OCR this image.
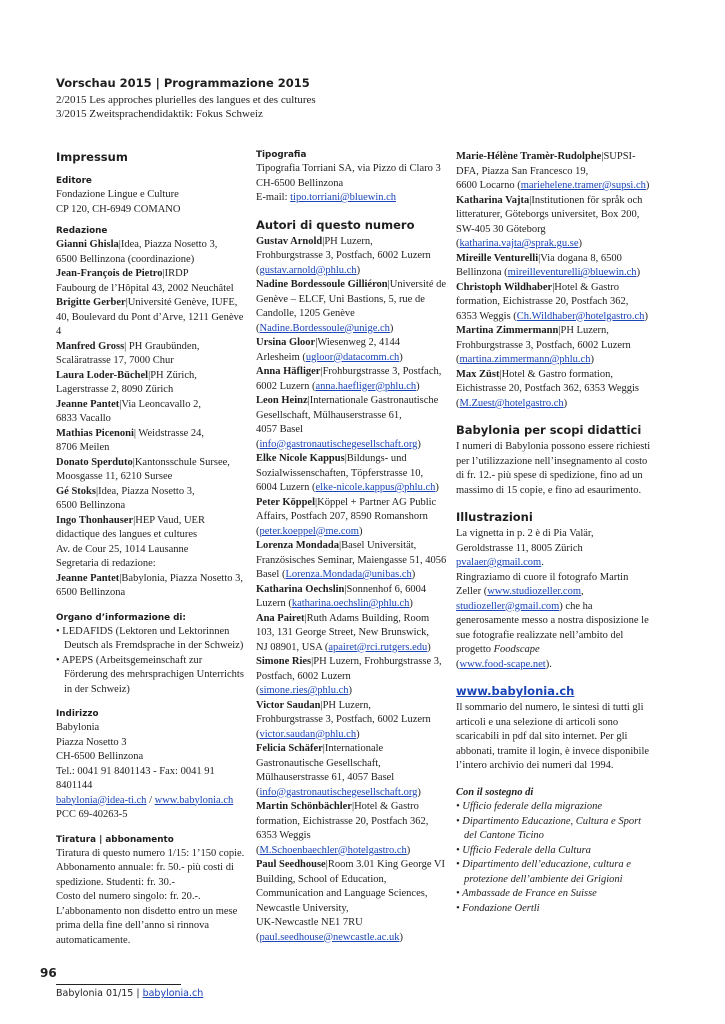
Vorschau 2015 | Programmazione 2015
2/2015 Les approches plurielles des langues et des cultures
3/2015 Zweitsprachendidaktik: Fokus Schweiz
Impressum
Editore
Fondazione Lingue e Culture
CP 120, CH-6949 COMANO
Redazione
Gianni Ghisla|Idea, Piazza Nosetto 3,
6500 Bellinzona (coordinazione)
Jean-François de Pietro|IRDP
Faubourg de l’Hôpital 43, 2002 Neuchâtel
Brigitte Gerber|Université Genève, IUFE,
40, Boulevard du Pont d’Arve, 1211 Genève 4
Manfred Gross| PH Graubünden,
Scaläratrasse 17, 7000 Chur
Laura Loder-Büchel|PH Zürich,
Lagerstrasse 2, 8090 Zürich
Jeanne Pantet|Via Leoncavallo 2,
6833 Vacallo
Mathias Picenoni| Weidstrasse 24,
8706 Meilen
Donato Sperduto|Kantonsschule Sursee,
Moosgasse 11, 6210 Sursee
Gé Stoks|Idea, Piazza Nosetto 3,
6500 Bellinzona
Ingo Thonhauser|HEP Vaud, UER
didactique des langues et cultures
Av. de Cour 25, 1014 Lausanne
Segretaria di redazione:
Jeanne Pantet|Babylonia, Piazza Nosetto 3,
6500 Bellinzona
Organo d’informazione di:
• LEDAFIDS (Lektoren und Lektorinnen Deutsch als Fremdsprache in der Schweiz)
• APEPS (Arbeitsgemeinschaft zur Förderung des mehrsprachigen Unterrichts in der Schweiz)
Indirizzo
Babylonia
Piazza Nosetto 3
CH-6500 Bellinzona
Tel.: 0041 91 8401143 - Fax: 0041 91 8401144
babylonia@idea-ti.ch / www.babylonia.ch
PCC 69-40263-5
Tiratura | abbonamento
Tiratura di questo numero 1/15: 1’150 copie.
Abbonamento annuale: fr. 50.- più costi di spedizione. Studenti: fr. 30.-
Costo del numero singolo: fr. 20.-.
L’abbonamento non disdetto entro un mese prima della fine dell’anno si rinnova automaticamente.
Tipografia
Tipografia Torriani SA, via Pizzo di Claro 3
CH-6500 Bellinzona
E-mail: tipo.torriani@bluewin.ch
Autori di questo numero
Gustav Arnold|PH Luzern,
Frohburgstrasse 3, Postfach, 6002 Luzern
(gustav.arnold@phlu.ch)
Nadine Bordessoule Gilliéron|Université de Genève – ELCF, Uni Bastions, 5, rue de Candolle, 1205 Genève
(Nadine.Bordessoule@unige.ch)
Ursina Gloor|Wiesenweg 2, 4144
Arlesheim (ugloor@datacomm.ch)
Anna Häfliger|Frohburgstrasse 3, Postfach,
6002 Luzern (anna.haefliger@phlu.ch)
Leon Heinz|Internationale Gastronautische Gesellschaft, Mülhauserstrasse 61,
4057 Basel (info@gastronautischegesellschaft.org)
Elke Nicole Kappus|Bildungs- und Sozialwissenschaften, Töpferstrasse 10,
6004 Luzern (elke-nicole.kappus@phlu.ch)
Peter Köppel|Köppel + Partner AG Public Affairs, Postfach 207, 8590 Romanshorn
(peter.koeppel@me.com)
Lorenza Mondada|Basel Universität, Französisches Seminar, Maiengasse 51, 4056 Basel (Lorenza.Mondada@unibas.ch)
Katharina Oechslin|Sonnenhof 6, 6004
Luzern (katharina.oechslin@phlu.ch)
Ana Pairet|Ruth Adams Building, Room 103, 131 George Street, New Brunswick,
NJ 08901, USA (apairet@rci.rutgers.edu)
Simone Ries|PH Luzern, Frohburgstrasse 3, Postfach, 6002 Luzern
(simone.ries@phlu.ch)
Victor Saudan|PH Luzern,
Frohburgstrasse 3, Postfach, 6002 Luzern
(victor.saudan@phlu.ch)
Felicia Schäfer|Internationale Gastronautische Gesellschaft,
Mülhauserstrasse 61, 4057 Basel
(info@gastronautischegesellschaft.org)
Martin Schönbächler|Hotel & Gastro formation, Eichistrasse 20, Postfach 362,
6353 Weggis (M.Schoenbaechler@hotelgastro.ch)
Paul Seedhouse|Room 3.01 King George VI Building, School of Education, Communication and Language Sciences, Newcastle University,
UK-Newcastle NE1 7RU
(paul.seedhouse@newcastle.ac.uk)
Marie-Hélène Tramèr-Rudolphe|SUPSI-DFA, Piazza San Francesco 19,
6600 Locarno (mariehelene.tramer@supsi.ch)
Katharina Vajta|Institutionen för språk och litteraturer, Göteborgs universitet, Box 200, SW-405 30 Göteborg
(katharina.vajta@sprak.gu.se)
Mireille Venturelli|Via dogana 8, 6500
Bellinzona (mireilleventurelli@bluewin.ch)
Christoph Wildhaber|Hotel & Gastro formation, Eichistrasse 20, Postfach 362,
6353 Weggis (Ch.Wildhaber@hotelgastro.ch)
Martina Zimmermann|PH Luzern,
Frohburgstrasse 3, Postfach, 6002 Luzern
(martina.zimmermann@phlu.ch)
Max Züst|Hotel & Gastro formation,
Eichistrasse 20, Postfach 362, 6353 Weggis
(M.Zuest@hotelgastro.ch)
Babylonia per scopi didattici
I numeri di Babylonia possono essere richiesti per l’utilizzazione nell’insegnamento al costo di fr. 12.- più spese di spedizione, fino ad un massimo di 15 copie, e fino ad esaurimento.
Illustrazioni
La vignetta in p. 2 è di Pia Valär,
Geroldstrasse 11, 8005 Zürich
pvalaer@gmail.com.
Ringraziamo di cuore il fotografo Martin Zeller (www.studiozeller.com, studiozeller@gmail.com) che ha generosamente messo a nostra disposizione le sue fotografie realizzate nell’ambito del progetto Foodscape
(www.food-scape.net).
www.babylonia.ch
Il sommario del numero, le sintesi di tutti gli articoli e una selezione di articoli sono scaricabili in pdf dal sito internet. Per gli abbonati, tramite il login, è invece disponibile l’intero archivio dei numeri dal 1994.
Con il sostegno di
• Ufficio federale della migrazione
• Dipartimento Educazione, Cultura e Sport del Cantone Ticino
• Ufficio Federale della Cultura
• Dipartimento dell’educazione, cultura e protezione dell’ambiente dei Grigioni
• Ambassade de France en Suisse
• Fondazione Oertli
96
Babylonia 01/15 | babylonia.ch
